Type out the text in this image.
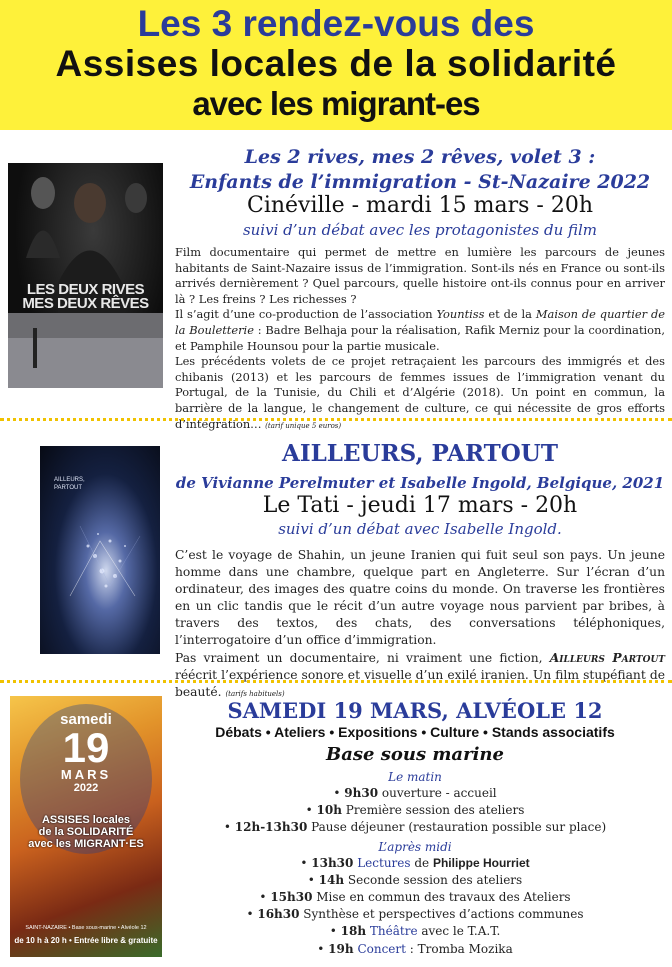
Les 3 rendez-vous des
Assises locales de la solidarité
avec les migrant-es
LES DEUX RIVES
MES DEUX RÊVES
Les 2 rives, mes 2 rêves, volet 3 :
Enfants de l’immigration - St-Nazaire 2022
Cinéville - mardi 15 mars - 20h
suivi d’un débat avec les protagonistes du film
Film documentaire qui permet de mettre en lumière les parcours de jeunes habitants de Saint-Nazaire issus de l’immigration. Sont-ils nés en France ou sont-ils arrivés dernièrement ? Quel parcours, quelle histoire ont-ils connus pour en arriver là ? Les freins ? Les richesses ?
Il s’agit d’une co-production de l’association Yountiss et de la Maison de quartier de la Bouletterie : Badre Belhaja pour la réalisation, Rafik Merniz pour la coordination, et Pamphile Hounsou pour la partie musicale.
Les précédents volets de ce projet retraçaient les parcours des immigrés et des chibanis (2013) et les parcours de femmes issues de l’immigration venant du Portugal, de la Tunisie, du Chili et d’Algérie (2018). Un point en commun, la barrière de la langue, le changement de culture, ce qui nécessite de gros efforts d’intégration… (tarif unique 5 euros)
AILLEURS,
PARTOUT
AILLEURS, PARTOUT
de Vivianne Perelmuter et Isabelle Ingold, Belgique, 2021
Le Tati - jeudi 17 mars - 20h
suivi d’un débat avec Isabelle Ingold.
C’est le voyage de Shahin, un jeune Iranien qui fuit seul son pays. Un jeune homme dans une chambre, quelque part en Angleterre. Sur l’écran d’un ordinateur, des images des quatre coins du monde. On traverse les frontières en un clic tandis que le récit d’un autre voyage nous parvient par bribes, à travers des textos, des chats, des conversations téléphoniques, l’interrogatoire d’un office d’immigration.
Pas vraiment un documentaire, ni vraiment une fiction, Ailleurs Partout réécrit l’expérience sonore et visuelle d’un exilé iranien. Un film stupéfiant de beauté. (tarifs habituels)
samedi
19
MARS
2022
ASSISES locales
de la SOLIDARITÉ
avec les MIGRANT·ES
SAINT-NAZAIRE • Base sous-marine • Alvéole 12
de 10 h à 20 h • Entrée libre & gratuite
SAMEDI 19 MARS, ALVÉOLE 12
Débats • Ateliers • Expositions • Culture • Stands associatifs
Base sous marine
Le matin
• 9h30 ouverture - accueil
• 10h Première session des ateliers
• 12h-13h30 Pause déjeuner (restauration possible sur place)
L’après midi
• 13h30 Lectures de Philippe Hourriet
• 14h Seconde session des ateliers
• 15h30 Mise en commun des travaux des Ateliers
• 16h30 Synthèse et perspectives d’actions communes
• 18h Théâtre avec le T.A.T.
• 19h Concert : Tromba Mozika
